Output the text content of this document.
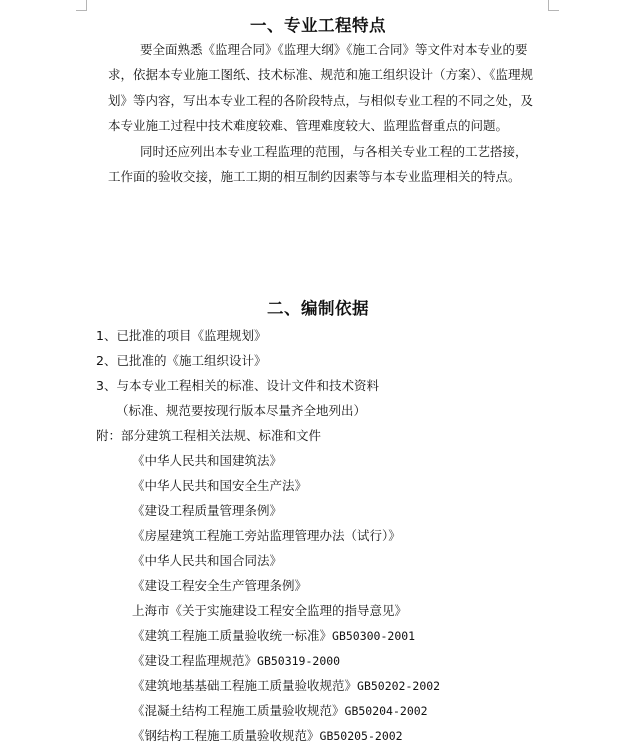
一、专业工程特点
要全面熟悉《监理合同》《监理大纲》《施工合同》等文件对本专业的要
求，依据本专业施工图纸、技术标准、规范和施工组织设计（方案）、《监理规
划》等内容，写出本专业工程的各阶段特点，与相似专业工程的不同之处，及
本专业施工过程中技术难度较难、管理难度较大、监理监督重点的问题。
同时还应列出本专业工程监理的范围，与各相关专业工程的工艺搭接，
工作面的验收交接，施工工期的相互制约因素等与本专业监理相关的特点。
二、编制依据
1、已批准的项目《监理规划》
2、已批准的《施工组织设计》
3、与本专业工程相关的标准、设计文件和技术资料
（标准、规范要按现行版本尽量齐全地列出）
附：部分建筑工程相关法规、标准和文件
《中华人民共和国建筑法》
《中华人民共和国安全生产法》
《建设工程质量管理条例》
《房屋建筑工程施工旁站监理管理办法（试行）》
《中华人民共和国合同法》
《建设工程安全生产管理条例》
上海市《关于实施建设工程安全监理的指导意见》
《建筑工程施工质量验收统一标准》GB50300-2001
《建设工程监理规范》GB50319-2000
《建筑地基基础工程施工质量验收规范》GB50202-2002
《混凝土结构工程施工质量验收规范》GB50204-2002
《钢结构工程施工质量验收规范》GB50205-2002
